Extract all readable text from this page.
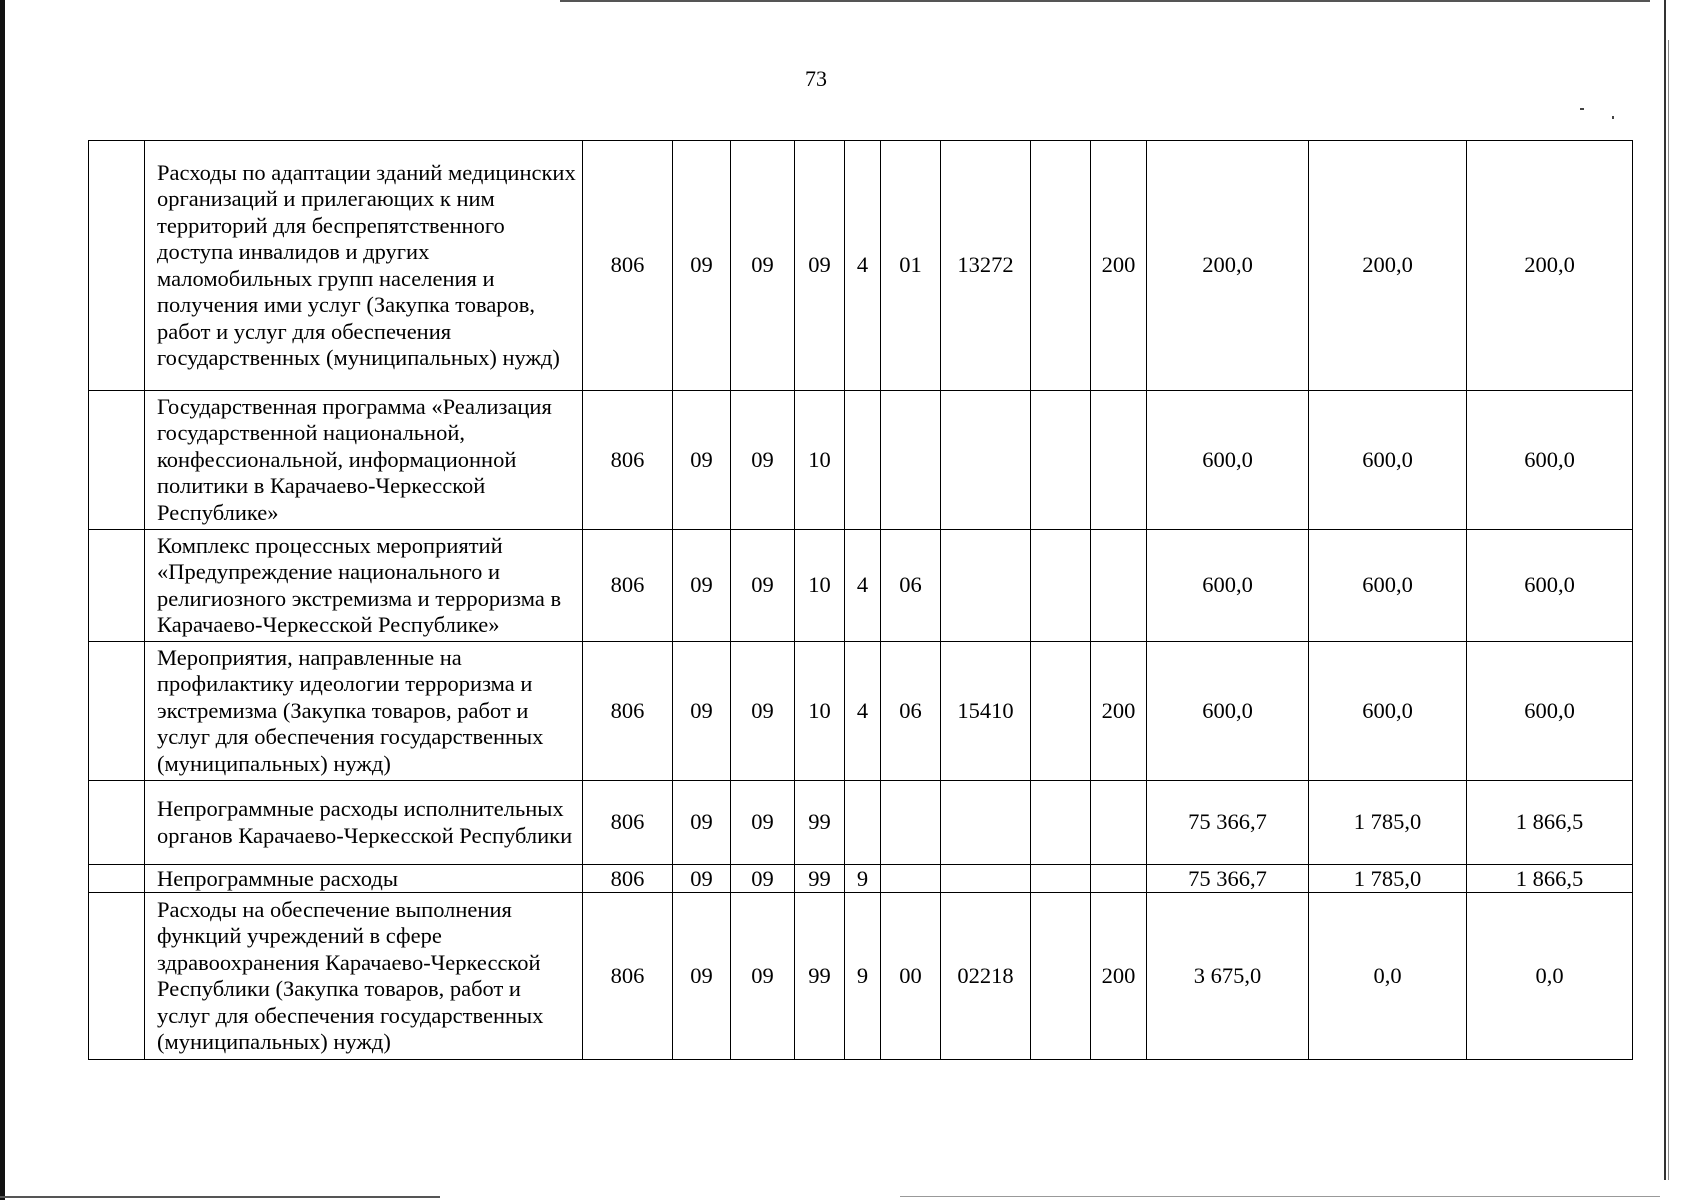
73
	Расходы по адаптации зданий медицинских организаций и прилегающих к ним территорий для беспрепятственного доступа инвалидов и других маломобильных групп населения и получения ими услуг (Закупка товаров, работ и услуг для обеспечения государственных (муниципальных) нужд)	806	09	09	09	4	01	13272		200	200,0	200,0	200,0
	Государственная программа «Реализация государственной национальной, конфессиональной, информационной политики в Карачаево-Черкесской Республике»	806	09	09	10						600,0	600,0	600,0
	Комплекс процессных мероприятий «Предупреждение национального и религиозного экстремизма и терроризма в Карачаево-Черкесской Республике»	806	09	09	10	4	06				600,0	600,0	600,0
	Мероприятия, направленные на профилактику идеологии терроризма и экстремизма (Закупка товаров, работ и услуг для обеспечения государственных (муниципальных) нужд)	806	09	09	10	4	06	15410		200	600,0	600,0	600,0
	Непрограммные расходы исполнительных органов Карачаево-Черкесской Республики	806	09	09	99						75 366,7	1 785,0	1 866,5
	Непрограммные расходы	806	09	09	99	9					75 366,7	1 785,0	1 866,5
	Расходы на обеспечение выполнения функций учреждений в сфере здравоохранения Карачаево-Черкесской Республики (Закупка товаров, работ и услуг для обеспечения государственных (муниципальных) нужд)	806	09	09	99	9	00	02218		200	3 675,0	0,0	0,0
